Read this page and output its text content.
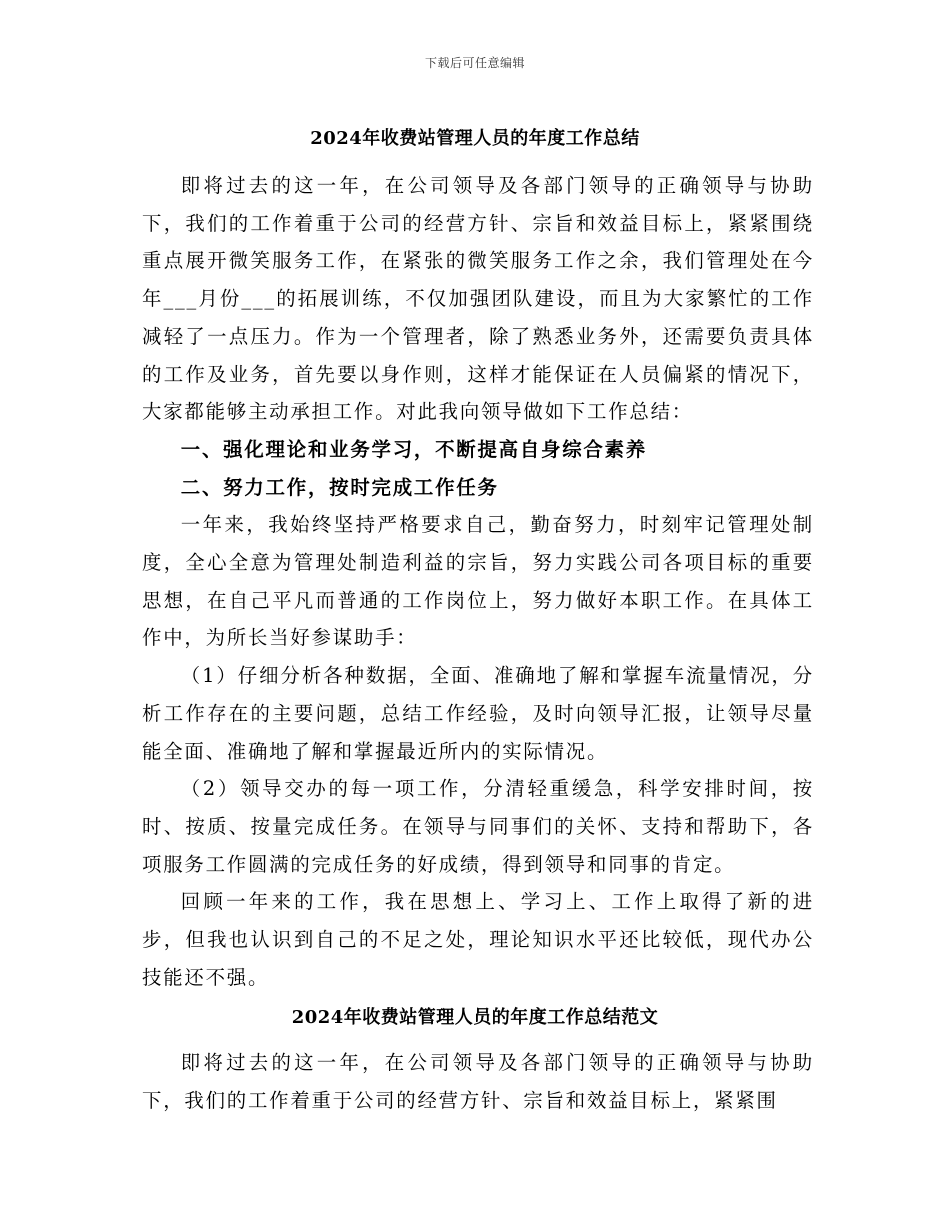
下载后可任意编辑
2024年收费站管理人员的年度工作总结

即将过去的这一年，在公司领导及各部门领导的正确领导与协助下，我们的工作着重于公司的经营方针、宗旨和效益目标上，紧紧围绕重点展开微笑服务工作，在紧张的微笑服务工作之余，我们管理处在今年___月份___的拓展训练，不仅加强团队建设，而且为大家繁忙的工作减轻了一点压力。作为一个管理者，除了熟悉业务外，还需要负责具体的工作及业务，首先要以身作则，这样才能保证在人员偏紧的情况下，大家都能够主动承担工作。对此我向领导做如下工作总结：

一、强化理论和业务学习，不断提高自身综合素养

二、努力工作，按时完成工作任务

一年来，我始终坚持严格要求自己，勤奋努力，时刻牢记管理处制度，全心全意为管理处制造利益的宗旨，努力实践公司各项目标的重要思想，在自己平凡而普通的工作岗位上，努力做好本职工作。在具体工作中，为所长当好参谋助手：

（1）仔细分析各种数据，全面、准确地了解和掌握车流量情况，分析工作存在的主要问题，总结工作经验，及时向领导汇报，让领导尽量能全面、准确地了解和掌握最近所内的实际情况。

（2）领导交办的每一项工作，分清轻重缓急，科学安排时间，按时、按质、按量完成任务。在领导与同事们的关怀、支持和帮助下，各项服务工作圆满的完成任务的好成绩，得到领导和同事的肯定。

回顾一年来的工作，我在思想上、学习上、工作上取得了新的进步，但我也认识到自己的不足之处，理论知识水平还比较低，现代办公技能还不强。

2024年收费站管理人员的年度工作总结范文

即将过去的这一年，在公司领导及各部门领导的正确领导与协助下，我们的工作着重于公司的经营方针、宗旨和效益目标上，紧紧围
